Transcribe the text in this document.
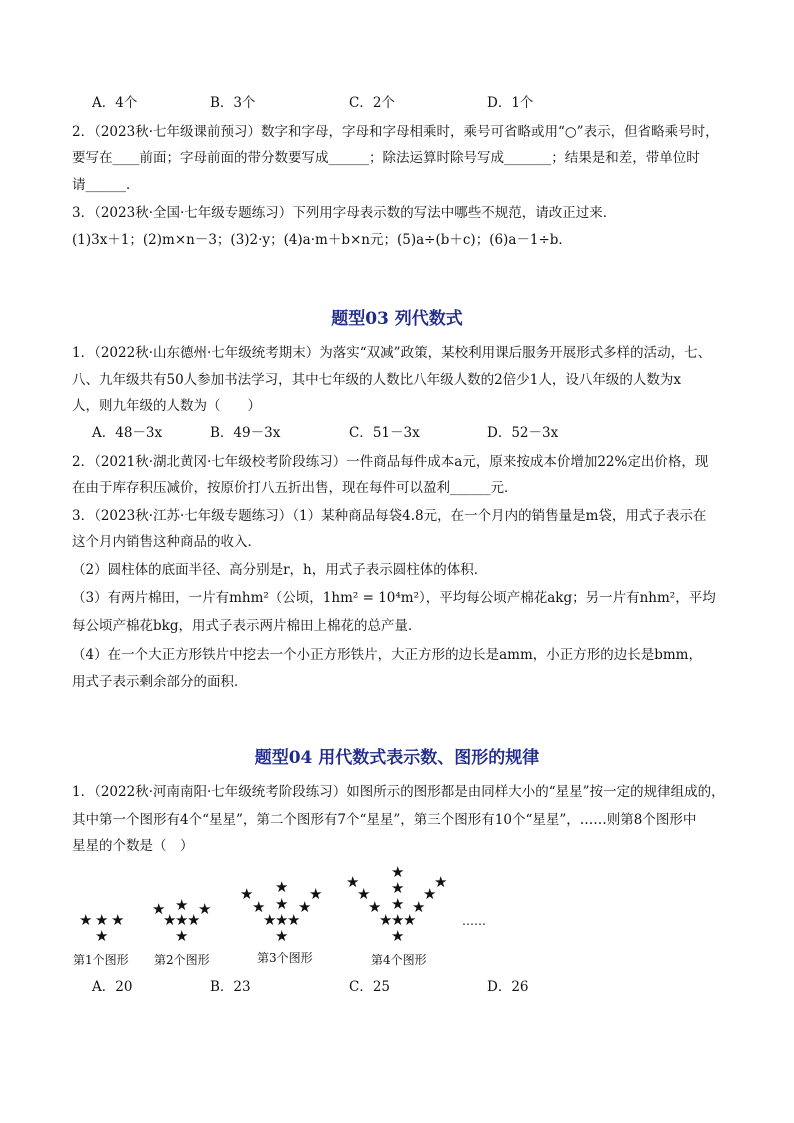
A．4个	B．3个	C．2个	D．1个
2．（2023秋·七年级课前预习）数字和字母，字母和字母相乘时，乘号可省略或用“○”表示，但省略乘号时，
要写在____前面；字母前面的带分数要写成______；除法运算时除号写成_______；结果是和差，带单位时
请______．
3．（2023秋·全国·七年级专题练习）下列用字母表示数的写法中哪些不规范，请改正过来．
(1)3x＋1；(2)m×n－3；(3)2·y；(4)a·m＋b×n元；(5)a÷(b＋c)；(6)a－1÷b．
题型03 列代数式
1．（2022秋·山东德州·七年级统考期末）为落实“双减”政策，某校利用课后服务开展形式多样的活动，七、
八、九年级共有50人参加书法学习，其中七年级的人数比八年级人数的2倍少1人，设八年级的人数为x
人，则九年级的人数为（　　）
A．48－3x	B．49－3x	C．51－3x	D．52－3x
2．（2021秋·湖北黄冈·七年级校考阶段练习）一件商品每件成本a元，原来按成本价增加22%定出价格，现
在由于库存积压减价，按原价打八五折出售，现在每件可以盈利______元．
3．（2023秋·江苏·七年级专题练习）（1）某种商品每袋4.8元，在一个月内的销售量是m袋，用式子表示在
这个月内销售这种商品的收入．
（2）圆柱体的底面半径、高分别是r，h，用式子表示圆柱体的体积．
（3）有两片棉田，一片有mhm²（公顷，1hm² = 10⁴m²），平均每公顷产棉花akg；另一片有nhm²，平均
每公顷产棉花bkg，用式子表示两片棉田上棉花的总产量．
（4）在一个大正方形铁片中挖去一个小正方形铁片，大正方形的边长是amm，小正方形的边长是bmm，
用式子表示剩余部分的面积．
题型04 用代数式表示数、图形的规律
1．（2022秋·河南南阳·七年级统考阶段练习）如图所示的图形都是由同样大小的“星星”按一定的规律组成的，
其中第一个图形有4个“星星”，第二个图形有7个“星星”，第三个图形有10个“星星”，……则第8个图形中
星星的个数是（　）
★ ★ ★
★
★ ★ ★
★
★
★
★
★	★
★
★ ★ ★
★
★
★
★
★	★
★
★ ★ ★
★ ★ ★
★
★
★
★
……
第1个图形 第2个图形	第3个图形	第4个图形
A．20	B．23	C．25	D．26
